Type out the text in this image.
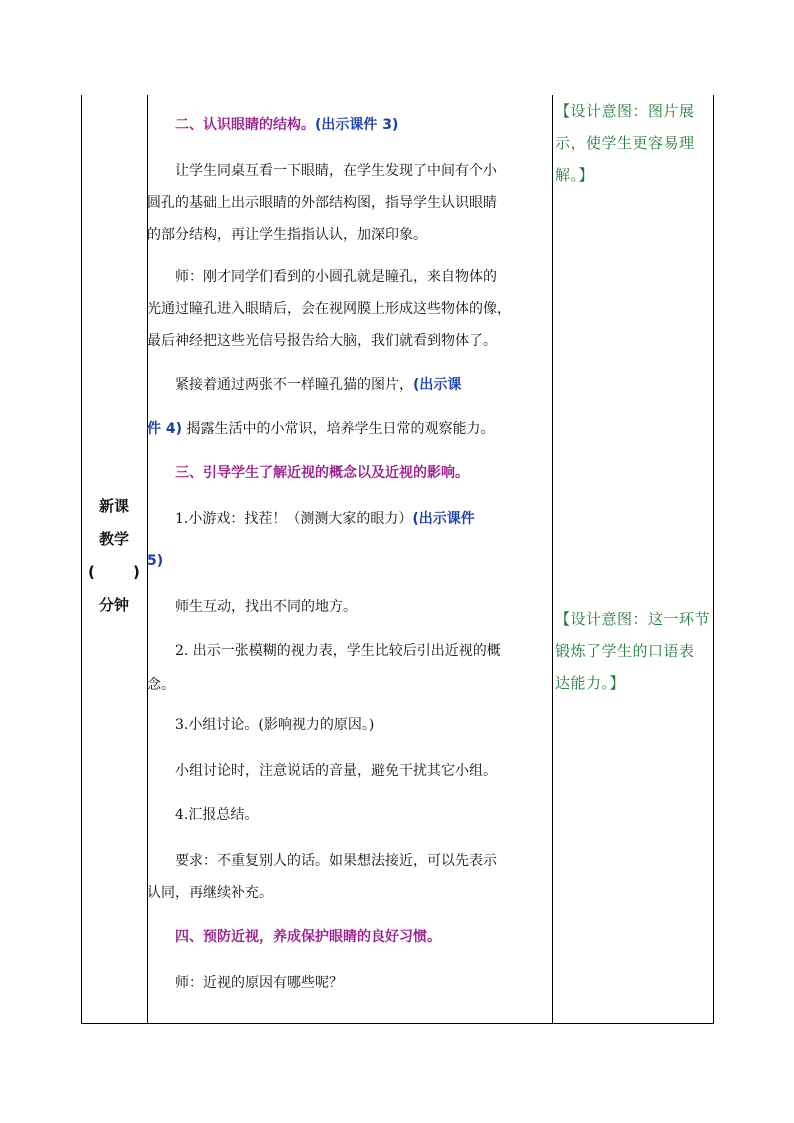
新课
教学
(	)
分钟
二、认识眼睛的结构。(出示课件 3)
让学生同桌互看一下眼睛，在学生发现了中间有个小
圆孔的基础上出示眼睛的外部结构图，指导学生认识眼睛
的部分结构，再让学生指指认认，加深印象。
师：刚才同学们看到的小圆孔就是瞳孔，来自物体的
光通过瞳孔进入眼睛后，会在视网膜上形成这些物体的像，
最后神经把这些光信号报告给大脑，我们就看到物体了。
紧接着通过两张不一样瞳孔猫的图片，(出示课
件 4) 揭露生活中的小常识，培养学生日常的观察能力。
三、引导学生了解近视的概念以及近视的影响。
1.小游戏：找茬！（测测大家的眼力）(出示课件
5)
师生互动，找出不同的地方。
2. 出示一张模糊的视力表，学生比较后引出近视的概
念。
3.小组讨论。(影响视力的原因。)
小组讨论时，注意说话的音量，避免干扰其它小组。
4.汇报总结。
要求：不重复别人的话。如果想法接近，可以先表示
认同，再继续补充。
四、预防近视，养成保护眼睛的良好习惯。
师：近视的原因有哪些呢？
【设计意图：图片展
示，使学生更容易理
解。】
【设计意图：这一环节
锻炼了学生的口语表
达能力。】
